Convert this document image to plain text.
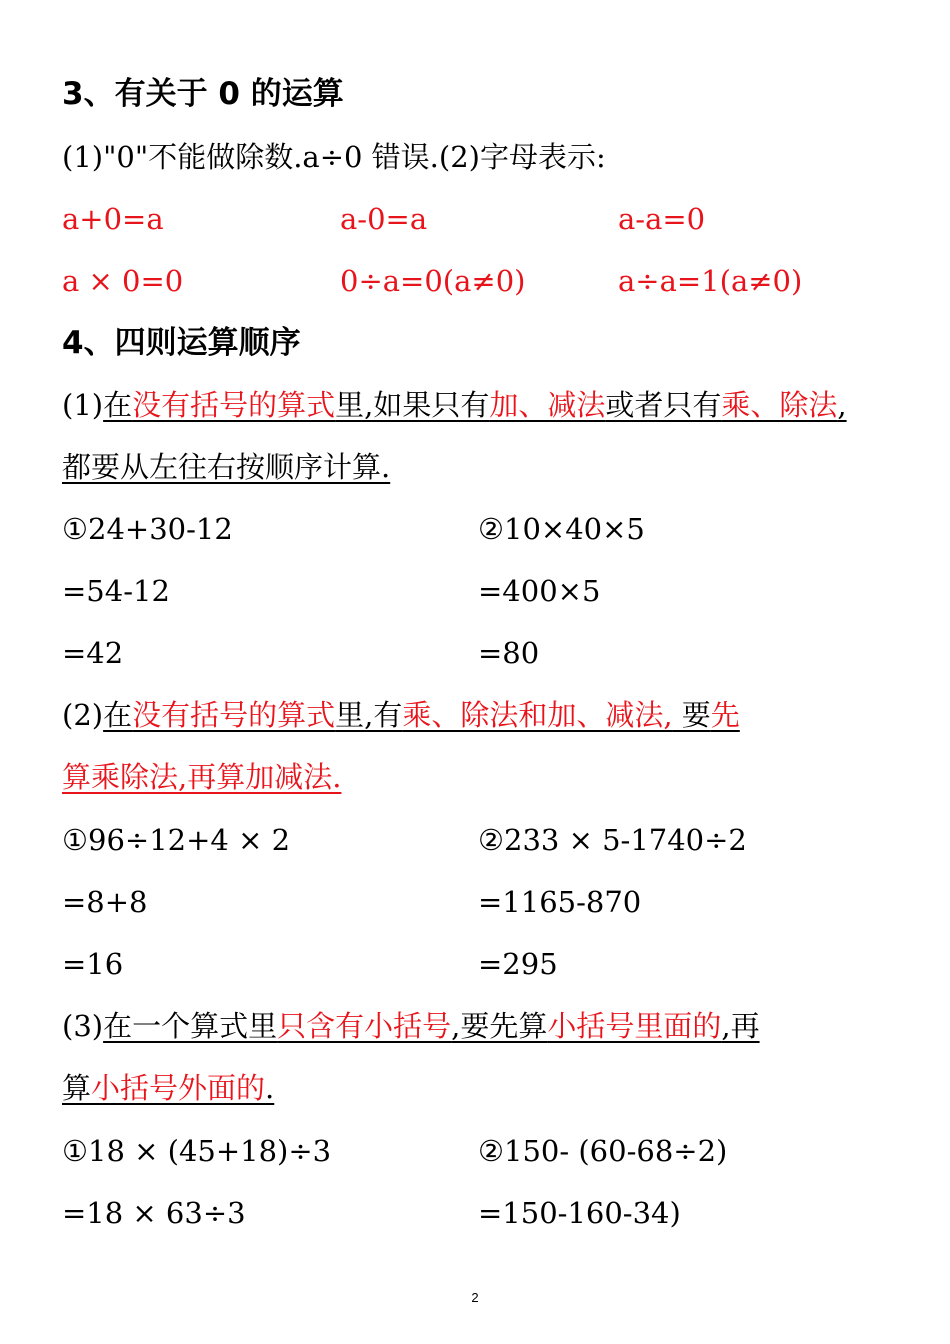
3、有关于 0 的运算
(1)"0"不能做除数.a÷0 错误.(2)字母表示:
a+0=a	a-0=a	a-a=0
a × 0=0	0÷a=0(a≠0)	a÷a=1(a≠0)
4、四则运算顺序
(1)在没有括号的算式里,如果只有加、减法或者只有乘、除法,
都要从左往右按顺序计算.
①24+30-12	②10×40×5
=54-12	=400×5
=42	=80
(2)在没有括号的算式里,有乘、除法和加、减法, 要先
算乘除法,再算加减法.
①96÷12+4 × 2	②233 × 5-1740÷2
=8+8	=1165-870
=16	=295
(3)在一个算式里只含有小括号,要先算小括号里面的,再
算小括号外面的.
①18 × (45+18)÷3	②150- (60-68÷2)
=18 × 63÷3	=150-160-34)
2
